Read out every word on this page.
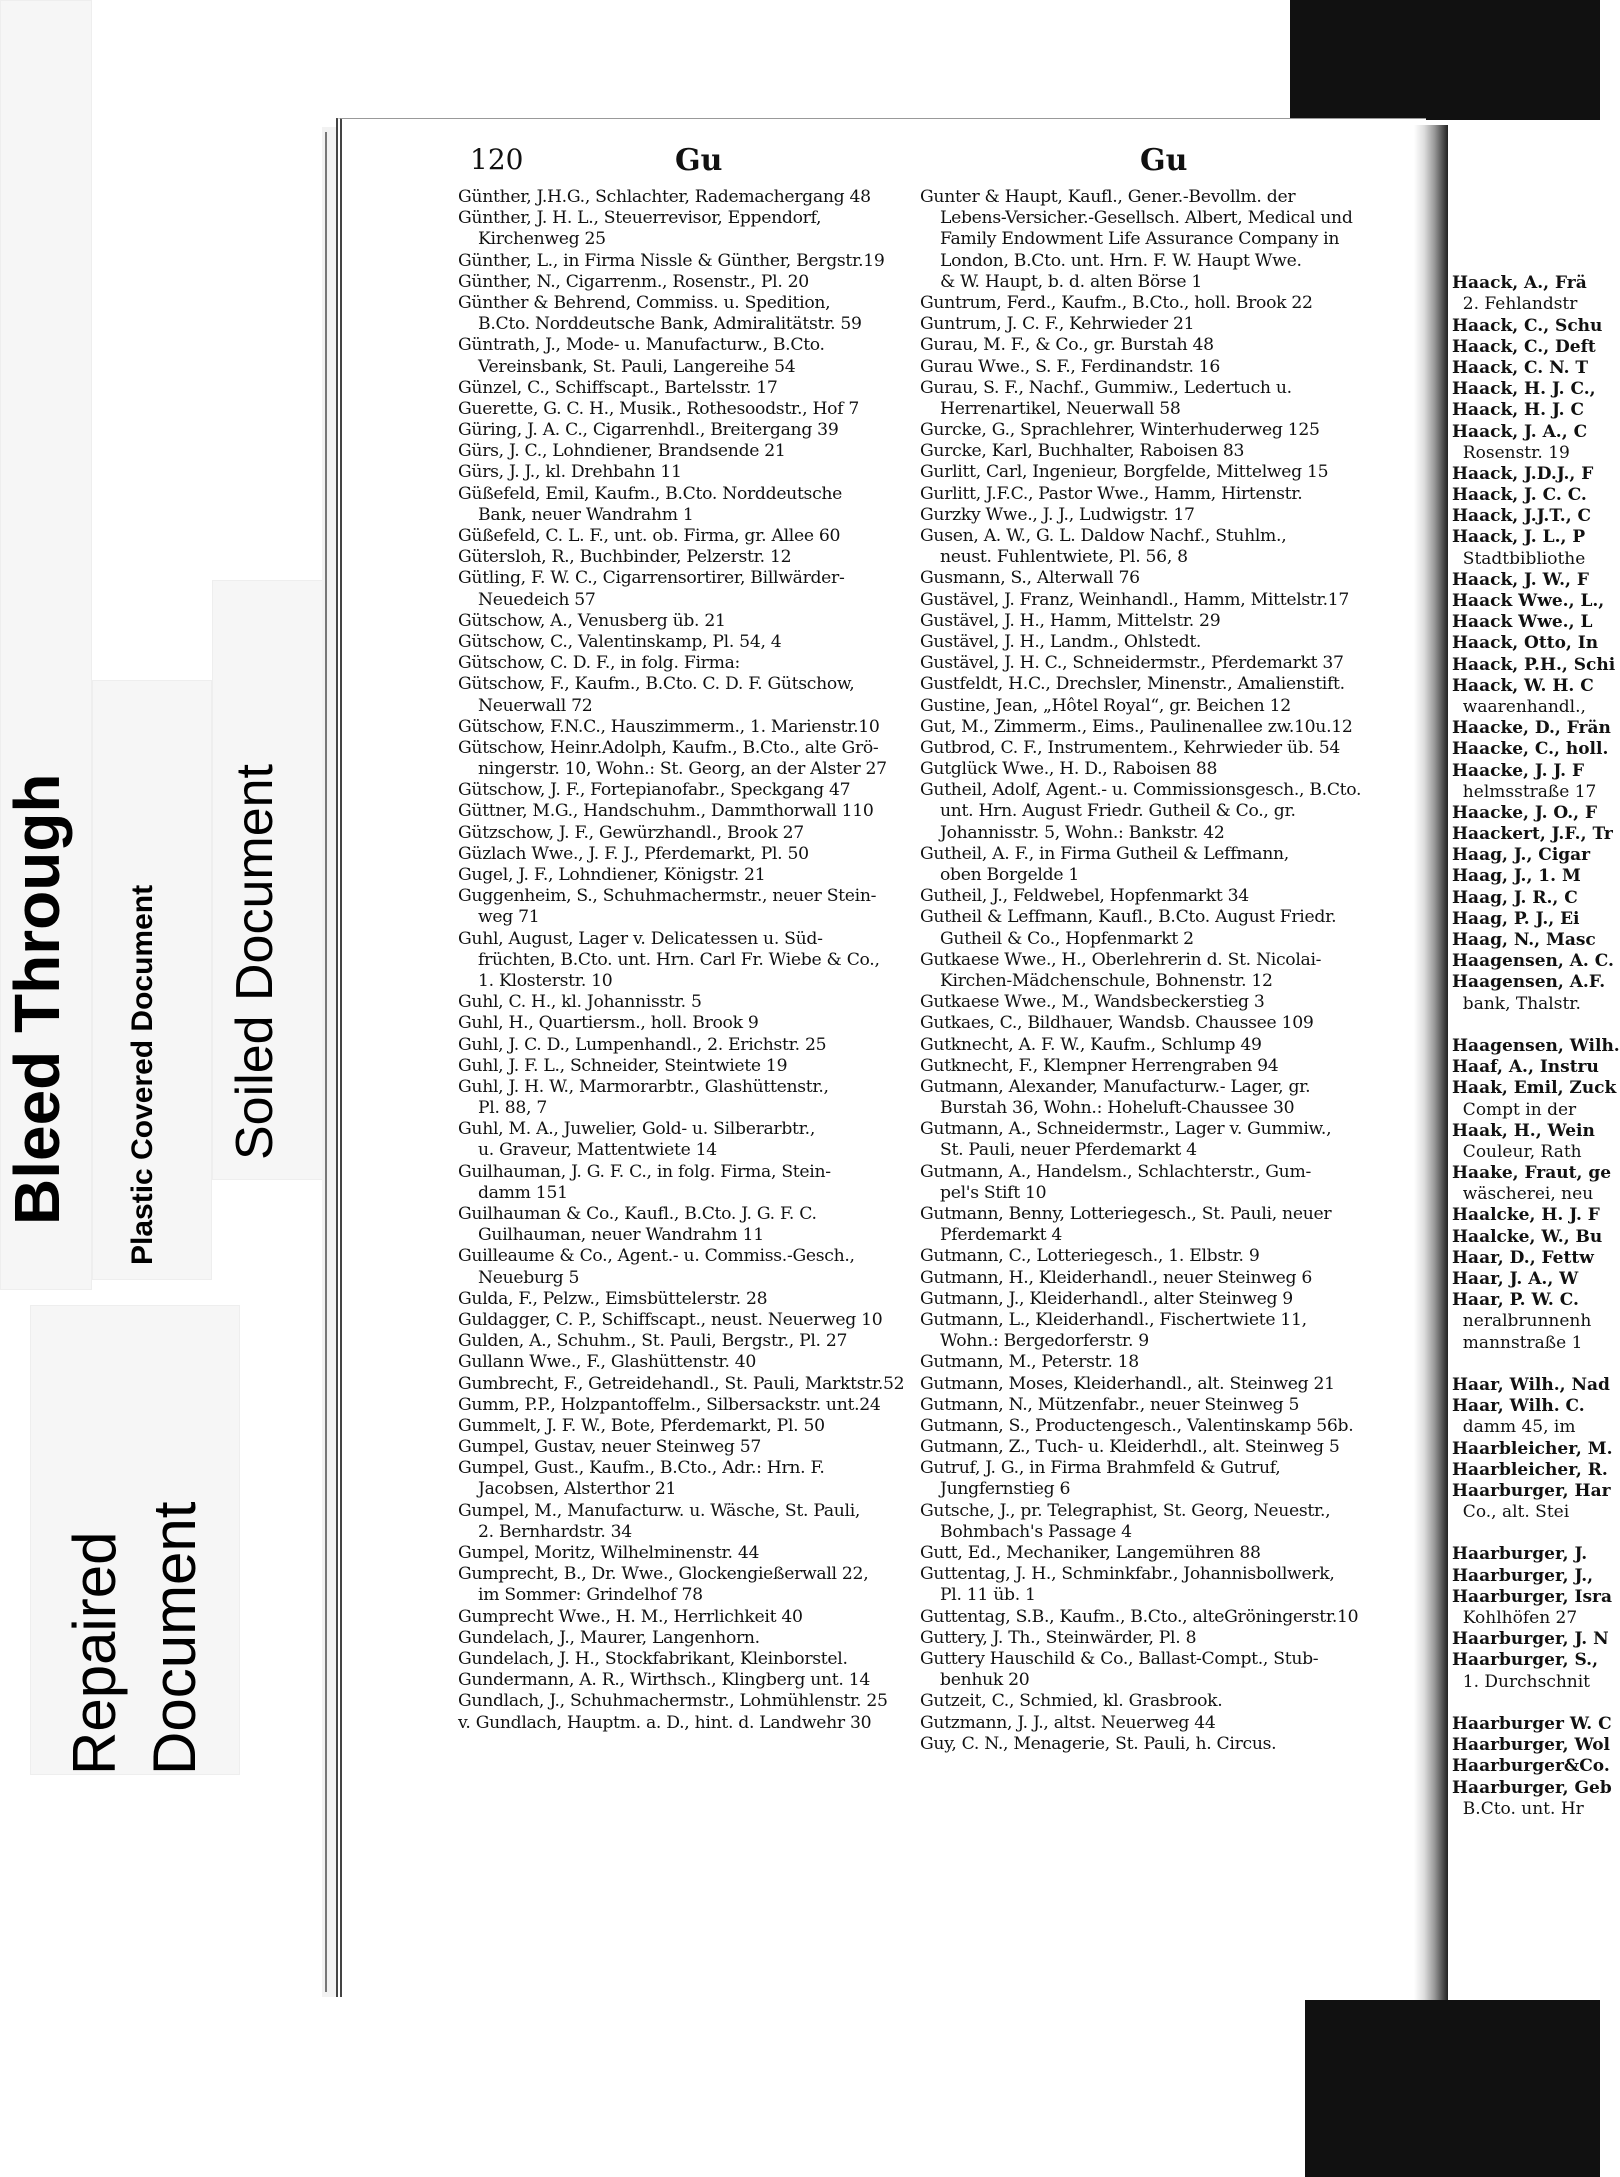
Bleed Through Plastic Covered Document Soiled Document
Repaired Document
120	Gu	Gu
Günther, J.H.G., Schlachter, Rademachergang 48
Günther, J. H. L., Steuerrevisor, Eppendorf,
Kirchenweg 25
Günther, L., in Firma Nissle & Günther, Bergstr.19
Günther, N., Cigarrenm., Rosenstr., Pl. 20
Günther & Behrend, Commiss. u. Spedition,
B.Cto. Norddeutsche Bank, Admiralitätstr. 59
Güntrath, J., Mode- u. Manufacturw., B.Cto.
Vereinsbank, St. Pauli, Langereihe 54
Günzel, C., Schiffscapt., Bartelsstr. 17
Guerette, G. C. H., Musik., Rothesoodstr., Hof 7
Güring, J. A. C., Cigarrenhdl., Breitergang 39
Gürs, J. C., Lohndiener, Brandsende 21
Gürs, J. J., kl. Drehbahn 11
Güßefeld, Emil, Kaufm., B.Cto. Norddeutsche
Bank, neuer Wandrahm 1
Güßefeld, C. L. F., unt. ob. Firma, gr. Allee 60
Gütersloh, R., Buchbinder, Pelzerstr. 12
Gütling, F. W. C., Cigarrensortirer, Billwärder-
Neuedeich 57
Gütschow, A., Venusberg üb. 21
Gütschow, C., Valentinskamp, Pl. 54, 4
Gütschow, C. D. F., in folg. Firma:
Gütschow, F., Kaufm., B.Cto. C. D. F. Gütschow,
Neuerwall 72
Gütschow, F.N.C., Hauszimmerm., 1. Marienstr.10
Gütschow, Heinr.Adolph, Kaufm., B.Cto., alte Grö-
ningerstr. 10, Wohn.: St. Georg, an der Alster 27
Gütschow, J. F., Fortepianofabr., Speckgang 47
Güttner, M.G., Handschuhm., Dammthorwall 110
Gützschow, J. F., Gewürzhandl., Brook 27
Güzlach Wwe., J. F. J., Pferdemarkt, Pl. 50
Gugel, J. F., Lohndiener, Königstr. 21
Guggenheim, S., Schuhmachermstr., neuer Stein-
weg 71
Guhl, August, Lager v. Delicatessen u. Süd-
früchten, B.Cto. unt. Hrn. Carl Fr. Wiebe & Co.,
1. Klosterstr. 10
Guhl, C. H., kl. Johannisstr. 5
Guhl, H., Quartiersm., holl. Brook 9
Guhl, J. C. D., Lumpenhandl., 2. Erichstr. 25
Guhl, J. F. L., Schneider, Steintwiete 19
Guhl, J. H. W., Marmorarbtr., Glashüttenstr.,
Pl. 88, 7
Guhl, M. A., Juwelier, Gold- u. Silberarbtr.,
u. Graveur, Mattentwiete 14
Guilhauman, J. G. F. C., in folg. Firma, Stein-
damm 151
Guilhauman & Co., Kaufl., B.Cto. J. G. F. C.
Guilhauman, neuer Wandrahm 11
Guilleaume & Co., Agent.- u. Commiss.-Gesch.,
Neueburg 5
Gulda, F., Pelzw., Eimsbüttelerstr. 28
Guldagger, C. P., Schiffscapt., neust. Neuerweg 10
Gulden, A., Schuhm., St. Pauli, Bergstr., Pl. 27
Gullann Wwe., F., Glashüttenstr. 40
Gumbrecht, F., Getreidehandl., St. Pauli, Marktstr.52
Gumm, P.P., Holzpantoffelm., Silbersackstr. unt.24
Gummelt, J. F. W., Bote, Pferdemarkt, Pl. 50
Gumpel, Gustav, neuer Steinweg 57
Gumpel, Gust., Kaufm., B.Cto., Adr.: Hrn. F.
Jacobsen, Alsterthor 21
Gumpel, M., Manufacturw. u. Wäsche, St. Pauli,
2. Bernhardstr. 34
Gumpel, Moritz, Wilhelminenstr. 44
Gumprecht, B., Dr. Wwe., Glockengießerwall 22,
im Sommer: Grindelhof 78
Gumprecht Wwe., H. M., Herrlichkeit 40
Gundelach, J., Maurer, Langenhorn.
Gundelach, J. H., Stockfabrikant, Kleinborstel.
Gundermann, A. R., Wirthsch., Klingberg unt. 14
Gundlach, J., Schuhmachermstr., Lohmühlenstr. 25
v. Gundlach, Hauptm. a. D., hint. d. Landwehr 30
Gunter & Haupt, Kaufl., Gener.-Bevollm. der
Lebens-Versicher.-Gesellsch. Albert, Medical und
Family Endowment Life Assurance Company in
London, B.Cto. unt. Hrn. F. W. Haupt Wwe.
& W. Haupt, b. d. alten Börse 1
Guntrum, Ferd., Kaufm., B.Cto., holl. Brook 22
Guntrum, J. C. F., Kehrwieder 21
Gurau, M. F., & Co., gr. Burstah 48
Gurau Wwe., S. F., Ferdinandstr. 16
Gurau, S. F., Nachf., Gummiw., Ledertuch u.
Herrenartikel, Neuerwall 58
Gurcke, G., Sprachlehrer, Winterhuderweg 125
Gurcke, Karl, Buchhalter, Raboisen 83
Gurlitt, Carl, Ingenieur, Borgfelde, Mittelweg 15
Gurlitt, J.F.C., Pastor Wwe., Hamm, Hirtenstr.
Gurzky Wwe., J. J., Ludwigstr. 17
Gusen, A. W., G. L. Daldow Nachf., Stuhlm.,
neust. Fuhlentwiete, Pl. 56, 8
Gusmann, S., Alterwall 76
Gustävel, J. Franz, Weinhandl., Hamm, Mittelstr.17
Gustävel, J. H., Hamm, Mittelstr. 29
Gustävel, J. H., Landm., Ohlstedt.
Gustävel, J. H. C., Schneidermstr., Pferdemarkt 37
Gustfeldt, H.C., Drechsler, Minenstr., Amalienstift.
Gustine, Jean, „Hôtel Royal“, gr. Beichen 12
Gut, M., Zimmerm., Eims., Paulinenallee zw.10u.12
Gutbrod, C. F., Instrumentem., Kehrwieder üb. 54
Gutglück Wwe., H. D., Raboisen 88
Gutheil, Adolf, Agent.- u. Commissionsgesch., B.Cto.
unt. Hrn. August Friedr. Gutheil & Co., gr.
Johannisstr. 5, Wohn.: Bankstr. 42
Gutheil, A. F., in Firma Gutheil & Leffmann,
oben Borgelde 1
Gutheil, J., Feldwebel, Hopfenmarkt 34
Gutheil & Leffmann, Kaufl., B.Cto. August Friedr.
Gutheil & Co., Hopfenmarkt 2
Gutkaese Wwe., H., Oberlehrerin d. St. Nicolai-
Kirchen-Mädchenschule, Bohnenstr. 12
Gutkaese Wwe., M., Wandsbeckerstieg 3
Gutkaes, C., Bildhauer, Wandsb. Chaussee 109
Gutknecht, A. F. W., Kaufm., Schlump 49
Gutknecht, F., Klempner Herrengraben 94
Gutmann, Alexander, Manufacturw.- Lager, gr.
Burstah 36, Wohn.: Hoheluft-Chaussee 30
Gutmann, A., Schneidermstr., Lager v. Gummiw.,
St. Pauli, neuer Pferdemarkt 4
Gutmann, A., Handelsm., Schlachterstr., Gum-
pel's Stift 10
Gutmann, Benny, Lotteriegesch., St. Pauli, neuer
Pferdemarkt 4
Gutmann, C., Lotteriegesch., 1. Elbstr. 9
Gutmann, H., Kleiderhandl., neuer Steinweg 6
Gutmann, J., Kleiderhandl., alter Steinweg 9
Gutmann, L., Kleiderhandl., Fischertwiete 11,
Wohn.: Bergedorferstr. 9
Gutmann, M., Peterstr. 18
Gutmann, Moses, Kleiderhandl., alt. Steinweg 21
Gutmann, N., Mützenfabr., neuer Steinweg 5
Gutmann, S., Productengesch., Valentinskamp 56b.
Gutmann, Z., Tuch- u. Kleiderhdl., alt. Steinweg 5
Gutruf, J. G., in Firma Brahmfeld & Gutruf,
Jungfernstieg 6
Gutsche, J., pr. Telegraphist, St. Georg, Neuestr.,
Bohmbach's Passage 4
Gutt, Ed., Mechaniker, Langemühren 88
Guttentag, J. H., Schminkfabr., Johannisbollwerk,
Pl. 11 üb. 1
Guttentag, S.B., Kaufm., B.Cto., alteGröningerstr.10
Guttery, J. Th., Steinwärder, Pl. 8
Guttery Hauschild & Co., Ballast-Compt., Stub-
benhuk 20
Gutzeit, C., Schmied, kl. Grasbrook.
Gutzmann, J. J., altst. Neuerweg 44
Guy, C. N., Menagerie, St. Pauli, h. Circus.
Haack, A., Frä
2. Fehlandstr
Haack, C., Schu
Haack, C., Deft
Haack, C. N. T
Haack, H. J. C.,
Haack, H. J. C
Haack, J. A., C
Rosenstr. 19
Haack, J.D.J., F
Haack, J. C. C.
Haack, J.J.T., C
Haack, J. L., P
Stadtbibliothe
Haack, J. W., F
Haack Wwe., L.,
Haack Wwe., L
Haack, Otto, In
Haack, P.H., Schi
Haack, W. H. C
waarenhandl.,
Haacke, D., Frän
Haacke, C., holl.
Haacke, J. J. F
helmsstraße 17
Haacke, J. O., F
Haackert, J.F., Tr
Haag, J., Cigar
Haag, J., 1. M
Haag, J. R., C
Haag, P. J., Ei
Haag, N., Masc
Haagensen, A. C.
Haagensen, A.F.
bank, Thalstr.
Haagensen, Wilh.
Haaf, A., Instru
Haak, Emil, Zuck
Compt in der
Haak, H., Wein
Couleur, Rath
Haake, Fraut, ge
wäscherei, neu
Haalcke, H. J. F
Haalcke, W., Bu
Haar, D., Fettw
Haar, J. A., W
Haar, P. W. C.
neralbrunnenh
mannstraße 1
Haar, Wilh., Nad
Haar, Wilh. C.
damm 45, im
Haarbleicher, M.
Haarbleicher, R.
Haarburger, Har
Co., alt. Stei
Haarburger, J.
Haarburger, J.,
Haarburger, Isra
Kohlhöfen 27
Haarburger, J. N
Haarburger, S.,
1. Durchschnit
Haarburger W. C
Haarburger, Wol
Haarburger&Co.
Haarburger, Geb
B.Cto. unt. Hr
